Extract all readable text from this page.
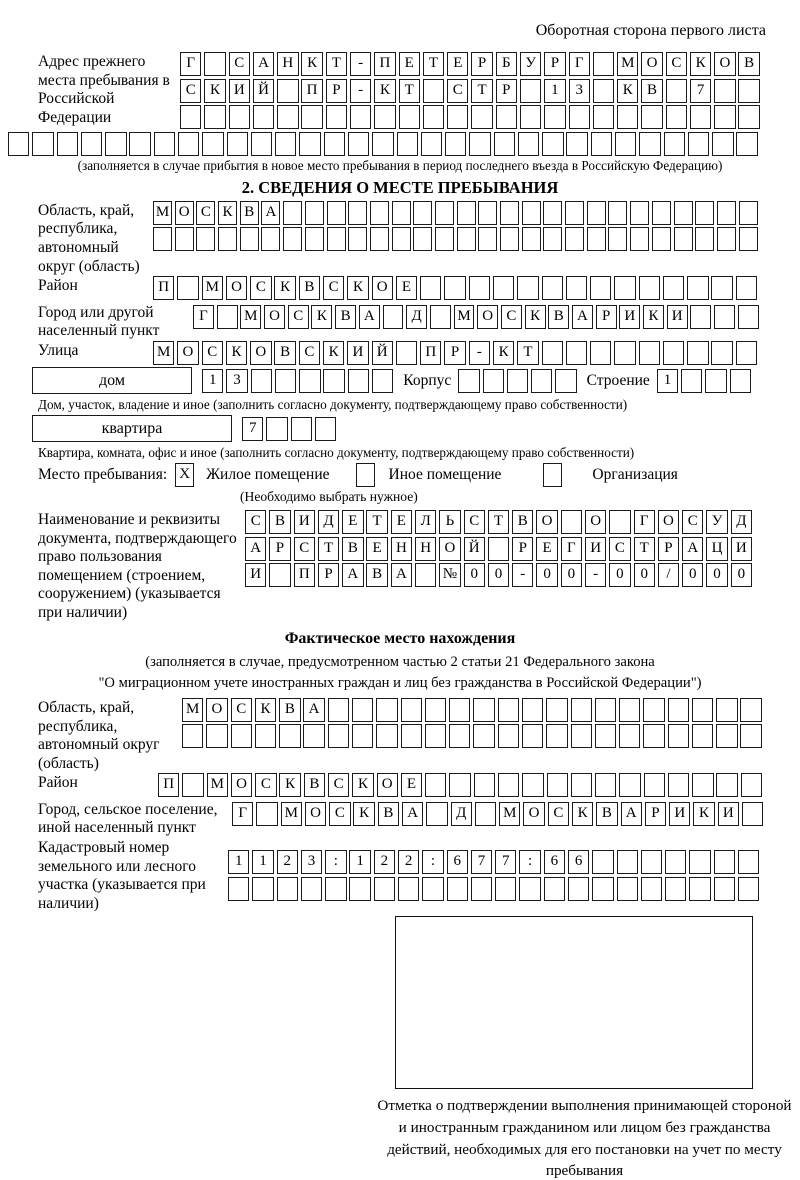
Оборотная сторона первого листа
Адрес прежнего места пребывания в Российской Федерации
Г	С А Н К Т - П Е Т Е Р Б У Р Г	М О С К О В
С К И Й	П Р - К Т	С Т Р	1 3	К В	7
(заполняется в случае прибытия в новое место пребывания в период последнего въезда в Российскую Федерацию)
2. СВЕДЕНИЯ О МЕСТЕ ПРЕБЫВАНИЯ
Область, край, республика, автономный округ (область)
М О С К В А
Район	П М О С К В С К О Е
Город или другой населенный пункт
Г М О С К В А Д М О С К В А Р И К И
Улица	М О С К О В С К И Й	П Р - К Т
дом	1 3	Корпус	Строение 1
Дом, участок, владение и иное (заполнить согласно документу, подтверждающему право собственности)
квартира	7
Квартира, комната, офис и иное (заполнить согласно документу, подтверждающему право собственности)
Место пребывания: X Жилое помещение	Иное помещение	Организация
(Необходимо выбрать нужное)
Наименование и реквизиты документа, подтверждающего право пользования помещением (строением, сооружением) (указывается при наличии)
С В И Д Е Т Е Л Ь С Т В О	О	Г О С У Д
А Р С Т В Е Н Н О Й	Р Е Г И С Т Р А Ц И
И	П Р А В А № 0 0 - 0 0 - 0 0 / 0 0 0
Фактическое место нахождения
(заполняется в случае, предусмотренном частью 2 статьи 21 Федерального закона
"О миграционном учете иностранных граждан и лиц без гражданства в Российской Федерации")
Область, край, республика, автономный округ (область)
М О С К В А
Район	П М О С К В С К О Е
Город, сельское поселение, иной населенный пункт
Г	М О С К В А	Д М О С К В А Р И К И
Кадастровый номер земельного или лесного участка (указывается при наличии)
1 1 2 3 : 1 2 2 : 6 7 7 : 6 6
Отметка о подтверждении выполнения принимающей стороной и иностранным гражданином или лицом без гражданства действий, необходимых для его постановки на учет по месту пребывания
